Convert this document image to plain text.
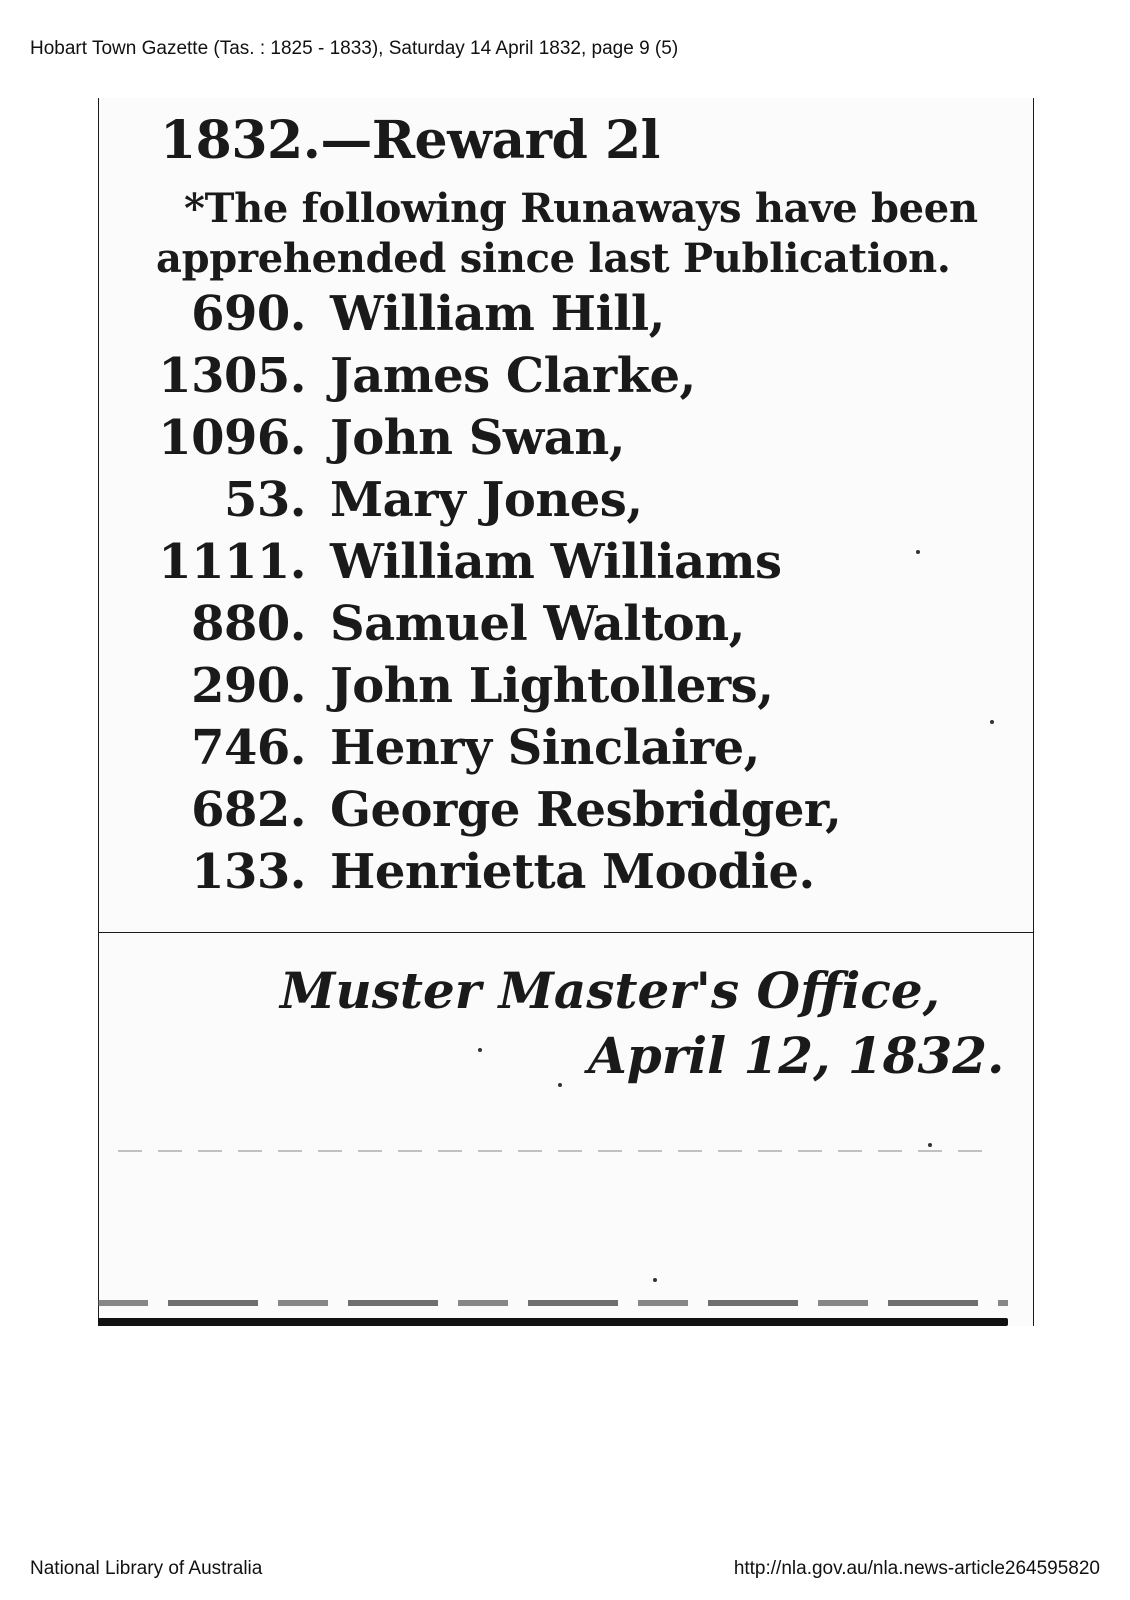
Hobart Town Gazette (Tas. : 1825 - 1833), Saturday 14 April 1832, page 9 (5)
1832.—Reward 2l
*The following Runaways have been
apprehended since last Publication.
690. William Hill,
1305. James Clarke,
1096. John Swan,
53. Mary Jones,
1111. William Williams
880. Samuel Walton,
290. John Lightollers,
746. Henry Sinclaire,
682. George Resbridger,
133. Henrietta Moodie.
Muster Master's Office,
April 12, 1832.
National Library of Australia	http://nla.gov.au/nla.news-article264595820
